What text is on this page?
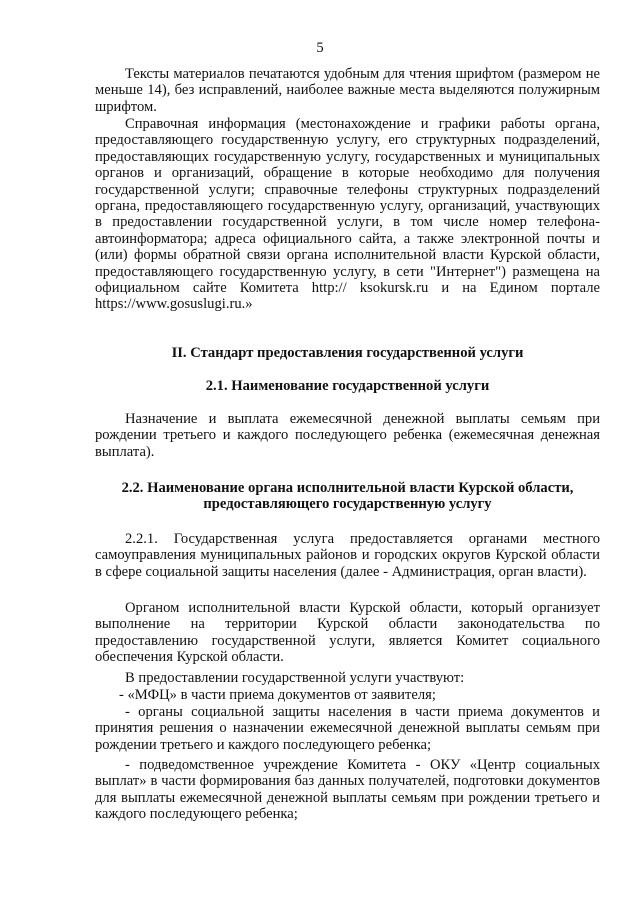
5

Тексты материалов печатаются удобным для чтения шрифтом (размером не меньше 14), без исправлений, наиболее важные места выделяются полужирным шрифтом.

Справочная информация (местонахождение и графики работы органа, предоставляющего государственную услугу, его структурных подразделений, предоставляющих государственную услугу, государственных и муниципальных органов и организаций, обращение в которые необходимо для получения государственной услуги; справочные телефоны структурных подразделений органа, предоставляющего государственную услугу, организаций, участвующих в предоставлении государственной услуги, в том числе номер телефона-автоинформатора; адреса официального сайта, а также электронной почты и (или) формы обратной связи органа исполнительной власти Курской области, предоставляющего государственную услугу, в сети "Интернет") размещена на официальном сайте Комитета http:// ksokursk.ru и на Едином портале https://www.gosuslugi.ru.»

II. Стандарт предоставления государственной услуги

2.1. Наименование государственной услуги

Назначение и выплата ежемесячной денежной выплаты семьям при рождении третьего и каждого последующего ребенка (ежемесячная денежная выплата).

2.2. Наименование органа исполнительной власти Курской области,

предоставляющего государственную услугу

2.2.1. Государственная услуга предоставляется органами местного самоуправления муниципальных районов и городских округов Курской области в сфере социальной защиты населения (далее - Администрация, орган власти).

Органом исполнительной власти Курской области, который организует выполнение на территории Курской области законодательства по предоставлению государственной услуги, является Комитет социального обеспечения Курской области.

В предоставлении государственной услуги участвуют:

- «МФЦ» в части приема документов от заявителя;

- органы социальной защиты населения в части приема документов и принятия решения о назначении ежемесячной денежной выплаты семьям при рождении третьего и каждого последующего ребенка;

- подведомственное учреждение Комитета - ОКУ «Центр социальных выплат» в части формирования баз данных получателей, подготовки документов для выплаты ежемесячной денежной выплаты семьям при рождении третьего и каждого последующего ребенка;
